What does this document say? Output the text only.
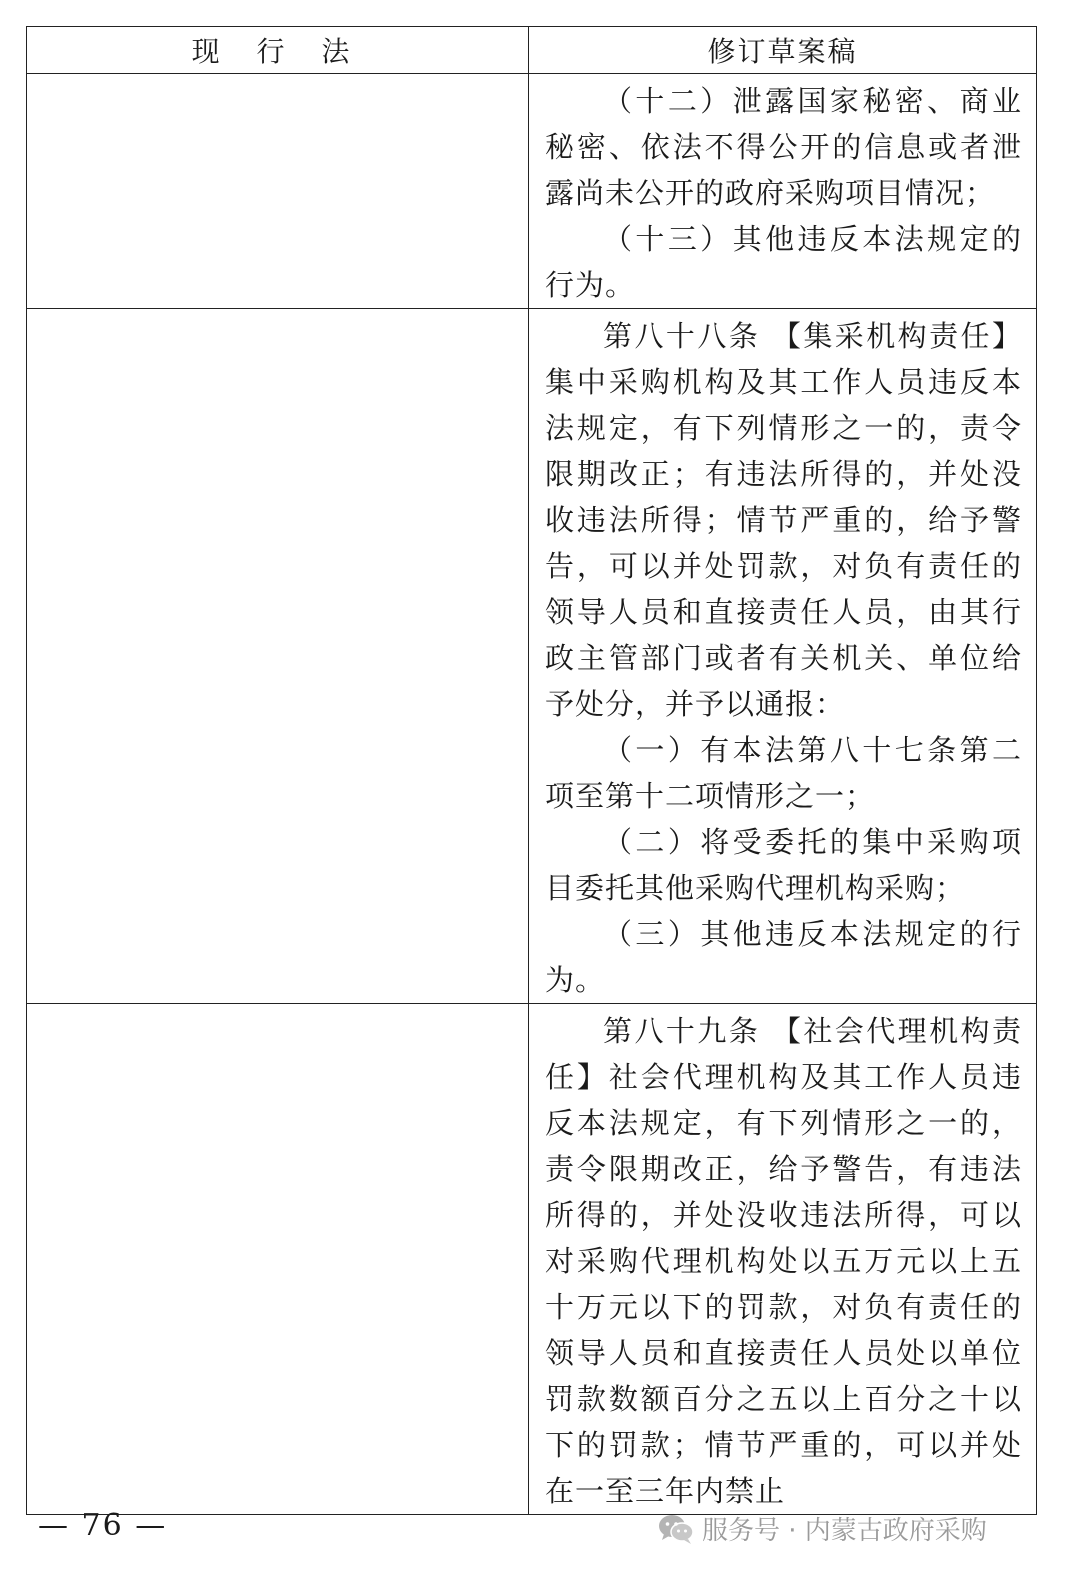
现 行 法	修订草案稿

	（十二）泄露国家秘密、商业秘密、依法不得公开的信息或者泄露尚未公开的政府采购项目情况；

（十三）其他违反本法规定的行为。

	第八十八条 【集采机构责任】集中采购机构及其工作人员违反本法规定，有下列情形之一的，责令限期改正；有违法所得的，并处没收违法所得；情节严重的，给予警告，可以并处罚款，对负有责任的领导人员和直接责任人员，由其行政主管部门或者有关机关、单位给予处分，并予以通报：

（一）有本法第八十七条第二项至第十二项情形之一；

（二）将受委托的集中采购项目委托其他采购代理机构采购；

（三）其他违反本法规定的行为。

	第八十九条 【社会代理机构责任】社会代理机构及其工作人员违反本法规定，有下列情形之一的，责令限期改正，给予警告，有违法所得的，并处没收违法所得，可以对采购代理机构处以五万元以上五十万元以下的罚款，对负有责任的领导人员和直接责任人员处以单位罚款数额百分之五以上百分之十以下的罚款；情节严重的，可以并处在一至三年内禁止

— 76 —	服务号 · 内蒙古政府采购
